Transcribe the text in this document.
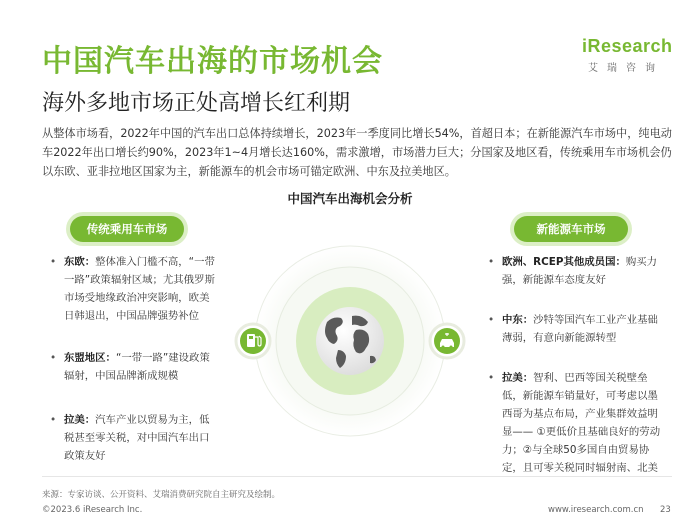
中国汽车出海的市场机会
海外多地市场正处高增长红利期
iResearch
艾瑞咨询
从整体市场看，2022年中国的汽车出口总体持续增长，2023年一季度同比增长54%，首超日本；在新能源汽车市场中，纯电动车2022年出口增长约90%，2023年1~4月增长达160%，需求激增，市场潜力巨大；分国家及地区看，传统乘用车市场机会仍以东欧、亚非拉地区国家为主，新能源车的机会市场可锚定欧洲、中东及拉美地区。
中国汽车出海机会分析
传统乘用车市场	新能源车市场
• 东欧：整体准入门槛不高，“一带一路”政策辐射区域；尤其俄罗斯市场受地缘政治冲突影响，欧美日韩退出，中国品牌强势补位
• 东盟地区：“一带一路”建设政策辐射，中国品牌渐成规模
• 拉美：汽车产业以贸易为主，低税甚至零关税，对中国汽车出口政策友好
• 欧洲、RCEP其他成员国：购买力强，新能源车态度友好
• 中东：沙特等国汽车工业产业基础薄弱，有意向新能源转型
• 拉美：智利、巴西等国关税壁垒低，新能源车销量好，可考虑以墨西哥为基点布局，产业集群效益明显—— ①更低价且基础良好的劳动力；②与全球50多国自由贸易协定，且可零关税同时辐射南、北美
来源：专家访谈、公开资料、艾瑞消费研究院自主研究及绘制。
©2023.6 iResearch Inc.	www.iresearch.com.cn 23
